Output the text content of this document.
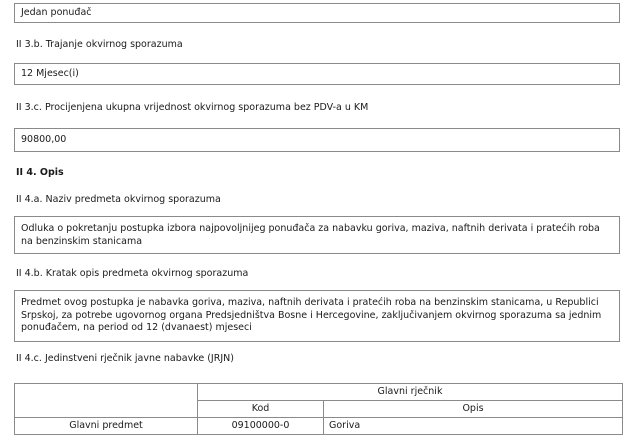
Jedan ponuđač
II 3.b. Trajanje okvirnog sporazuma
12 Mjesec(i)
II 3.c. Procijenjena ukupna vrijednost okvirnog sporazuma bez PDV-a u KM
90800,00
II 4. Opis
II 4.a. Naziv predmeta okvirnog sporazuma
Odluka o pokretanju postupka izbora najpovoljnijeg ponuđača za nabavku goriva, maziva, naftnih derivata i pratećih roba na benzinskim stanicama
II 4.b. Kratak opis predmeta okvirnog sporazuma
Predmet ovog postupka je nabavka goriva, maziva, naftnih derivata i pratećih roba na benzinskim stanicama, u Republici Srpskoj, za potrebe ugovornog organa Predsjedništva Bosne i Hercegovine, zaključivanjem okvirnog sporazuma sa jednim ponuđačem, na period od 12 (dvanaest) mjeseci
II 4.c. Jedinstveni rječnik javne nabavke (JRJN)
	Glavni rječnik	
	Kod	Opis
Glavni predmet	09100000-0	Goriva
